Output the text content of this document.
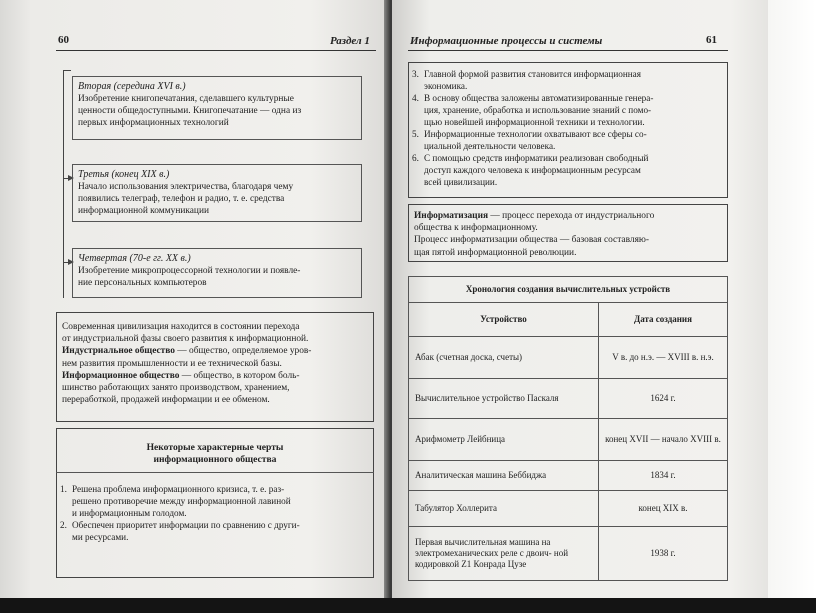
60	Раздел 1
Вторая (середина XVI в.)
Изобретение книгопечатания, сделавшего культурные
ценности общедоступными. Книгопечатание — одна из
первых информационных технологий
Третья (конец XIX в.)
Начало использования электричества, благодаря чему
появились телеграф, телефон и радио, т. е. средства
информационной коммуникации
Четвертая (70-е гг. XX в.)
Изобретение микропроцессорной технологии и появле-
ние персональных компьютеров
Современная цивилизация находится в состоянии перехода
от индустриальной фазы своего развития к информационной.
Индустриальное общество — общество, определяемое уров-
нем развития промышленности и ее технической базы.
Информационное общество — общество, в котором боль-
шинство работающих занято производством, хранением,
переработкой, продажей информации и ее обменом.
Некоторые характерные черты
информационного общества
1. Решена проблема информационного кризиса, т. е. раз-
решено противоречие между информационной лавиной
и информационным голодом.
2. Обеспечен приоритет информации по сравнению с други-
ми ресурсами.
Информационные процессы и системы	61
3. Главной формой развития становится информационная
экономика.
4. В основу общества заложены автоматизированные генера-
ция, хранение, обработка и использование знаний с помо-
щью новейшей информационной техники и технологии.
5. Информационные технологии охватывают все сферы со-
циальной деятельности человека.
6. С помощью средств информатики реализован свободный
доступ каждого человека к информационным ресурсам
всей цивилизации.
Информатизация — процесс перехода от индустриального
общества к информационному.
Процесс информатизации общества — базовая составляю-
щая пятой информационной революции.
Хронология создания вычислительных устройств	
Устройство	Дата создания
Абак (счетная доска, счеты)	V в. до н.э. — XVIII в. н.э.
Вычислительное устройство Паскаля	1624 г.
Арифмометр Лейбница	конец XVII — начало XVIII в.
Аналитическая машина Беббиджа	1834 г.
Табулятор Холлерита	конец XIX в.
Первая вычислительная машина на электромеханических реле с двоич- ной кодировкой Z1 Конрада Цузе	1938 г.
